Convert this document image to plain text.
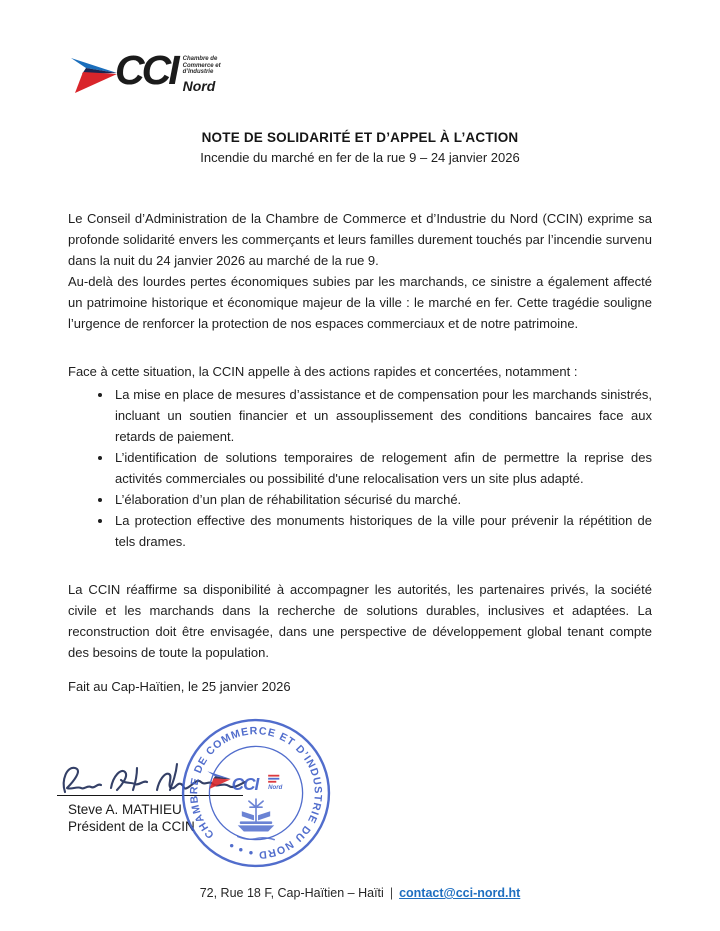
CCI Chambre de
Commerce et
d’Industrie
Nord
NOTE DE SOLIDARITÉ ET D’APPEL À L’ACTION
Incendie du marché en fer de la rue 9 – 24 janvier 2026

Le Conseil d’Administration de la Chambre de Commerce et d’Industrie du Nord (CCIN) exprime sa profonde solidarité envers les commerçants et leurs familles durement touchés par l’incendie survenu dans la nuit du 24 janvier 2026 au marché de la rue 9.

Au-delà des lourdes pertes économiques subies par les marchands, ce sinistre a également affecté un patrimoine historique et économique majeur de la ville : le marché en fer. Cette tragédie souligne l’urgence de renforcer la protection de nos espaces commerciaux et de notre patrimoine.

Face à cette situation, la CCIN appelle à des actions rapides et concertées, notamment :

• La mise en place de mesures d’assistance et de compensation pour les marchands sinistrés, incluant un soutien financier et un assouplissement des conditions bancaires face aux retards de paiement.
• L’identification de solutions temporaires de relogement afin de permettre la reprise des activités commerciales ou possibilité d'une relocalisation vers un site plus adapté.
• L’élaboration d’un plan de réhabilitation sécurisé du marché.
• La protection effective des monuments historiques de la ville pour prévenir la répétition de tels drames.

La CCIN réaffirme sa disponibilité à accompagner les autorités, les partenaires privés, la société civile et les marchands dans la recherche de solutions durables, inclusives et adaptées. La reconstruction doit être envisagée, dans une perspective de développement global tenant compte des besoins de toute la population.

Fait au Cap-Haïtien, le 25 janvier 2026

Steve A. MATHIEU
Président de la CCIN CHAMBRE DE COMMERCE ET D’INDUSTRIE DU NORD
CCI	Nord
72, Rue 18 F, Cap-Haïtien – Haïti | contact@cci-nord.ht
